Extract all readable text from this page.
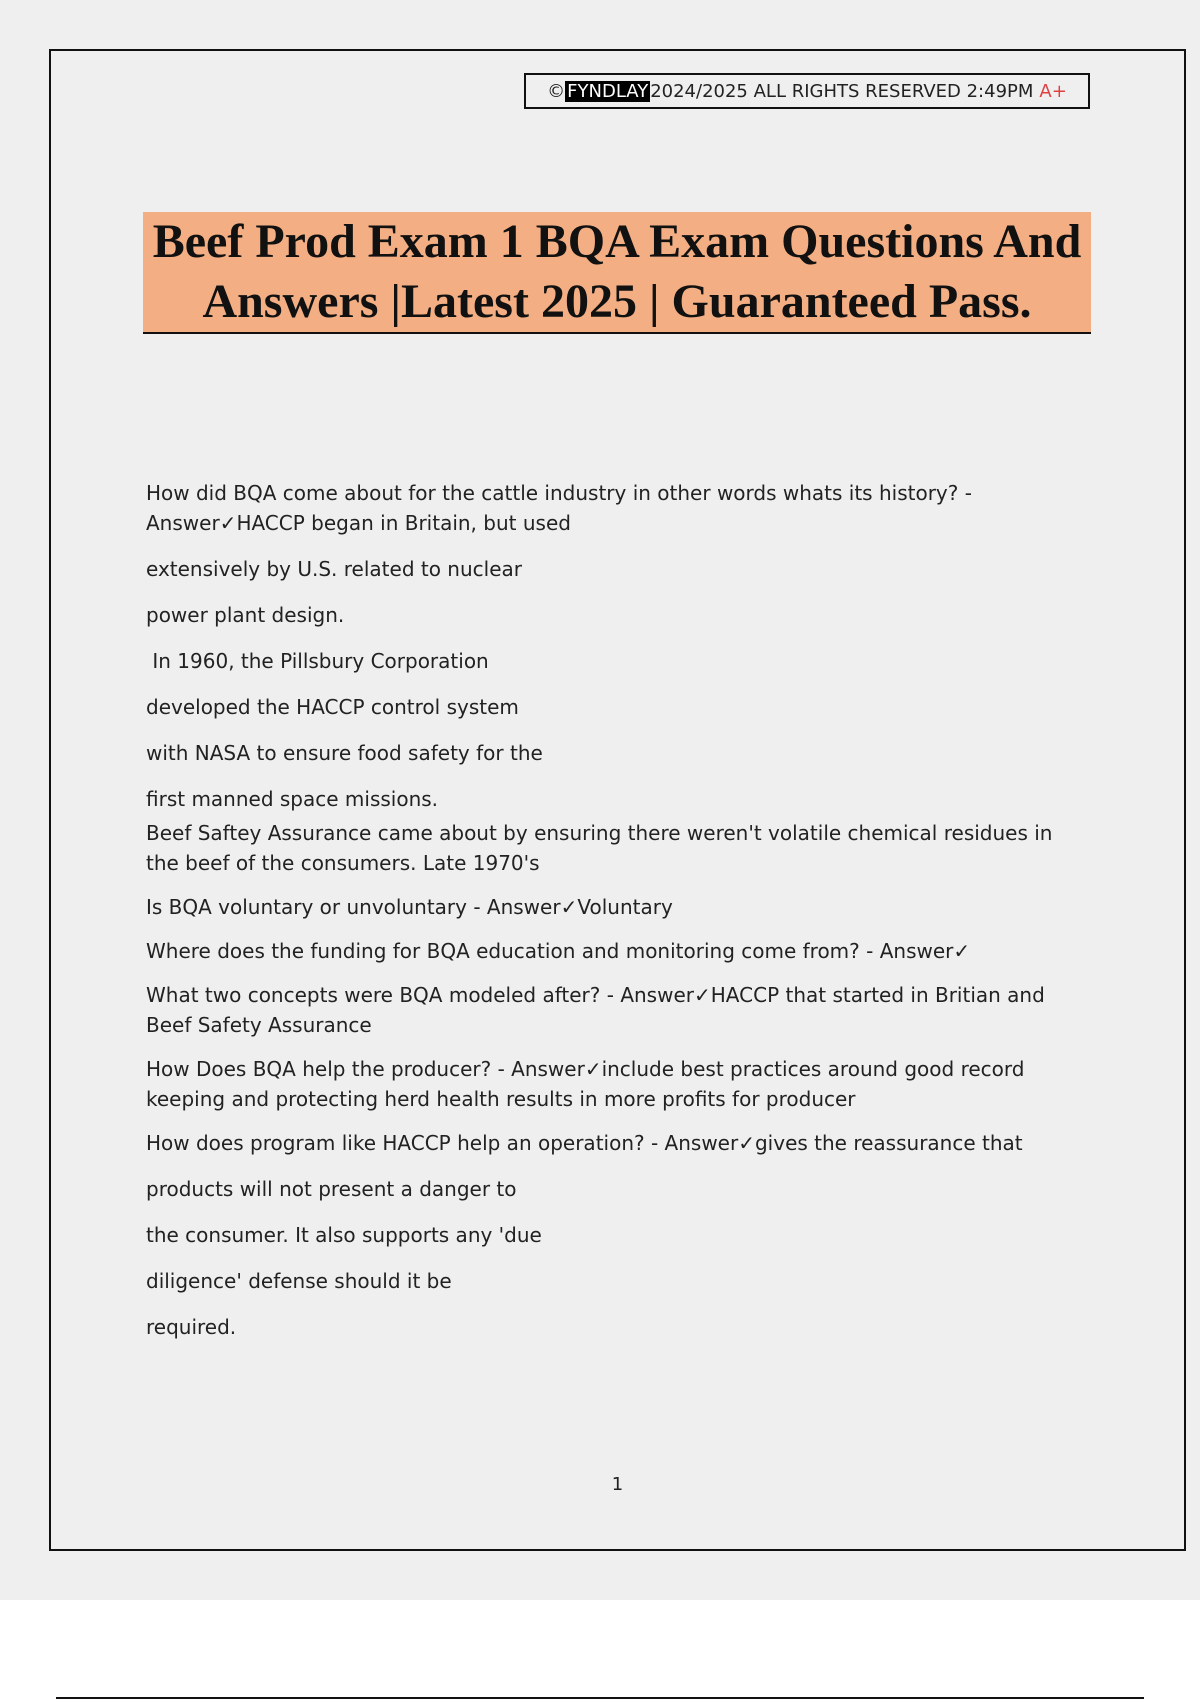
© FYNDLAY 2024/2025 ALL RIGHTS RESERVED 2:49PM A+
Beef Prod Exam 1 BQA Exam Questions And
Answers |Latest 2025 | Guaranteed Pass.

How did BQA come about for the cattle industry in other words whats its history? -
Answer✓HACCP began in Britain, but used

extensively by U.S. related to nuclear

power plant design.

In 1960, the Pillsbury Corporation

developed the HACCP control system

with NASA to ensure food safety for the

first manned space missions.

Beef Saftey Assurance came about by ensuring there weren't volatile chemical residues in the beef of the consumers. Late 1970's

Is BQA voluntary or unvoluntary - Answer✓Voluntary

Where does the funding for BQA education and monitoring come from? - Answer✓

What two concepts were BQA modeled after? - Answer✓HACCP that started in Britian and Beef Safety Assurance

How Does BQA help the producer? - Answer✓include best practices around good record keeping and protecting herd health results in more profits for producer

How does program like HACCP help an operation? - Answer✓gives the reassurance that

products will not present a danger to

the consumer. It also supports any 'due

diligence' defense should it be

required.

1
